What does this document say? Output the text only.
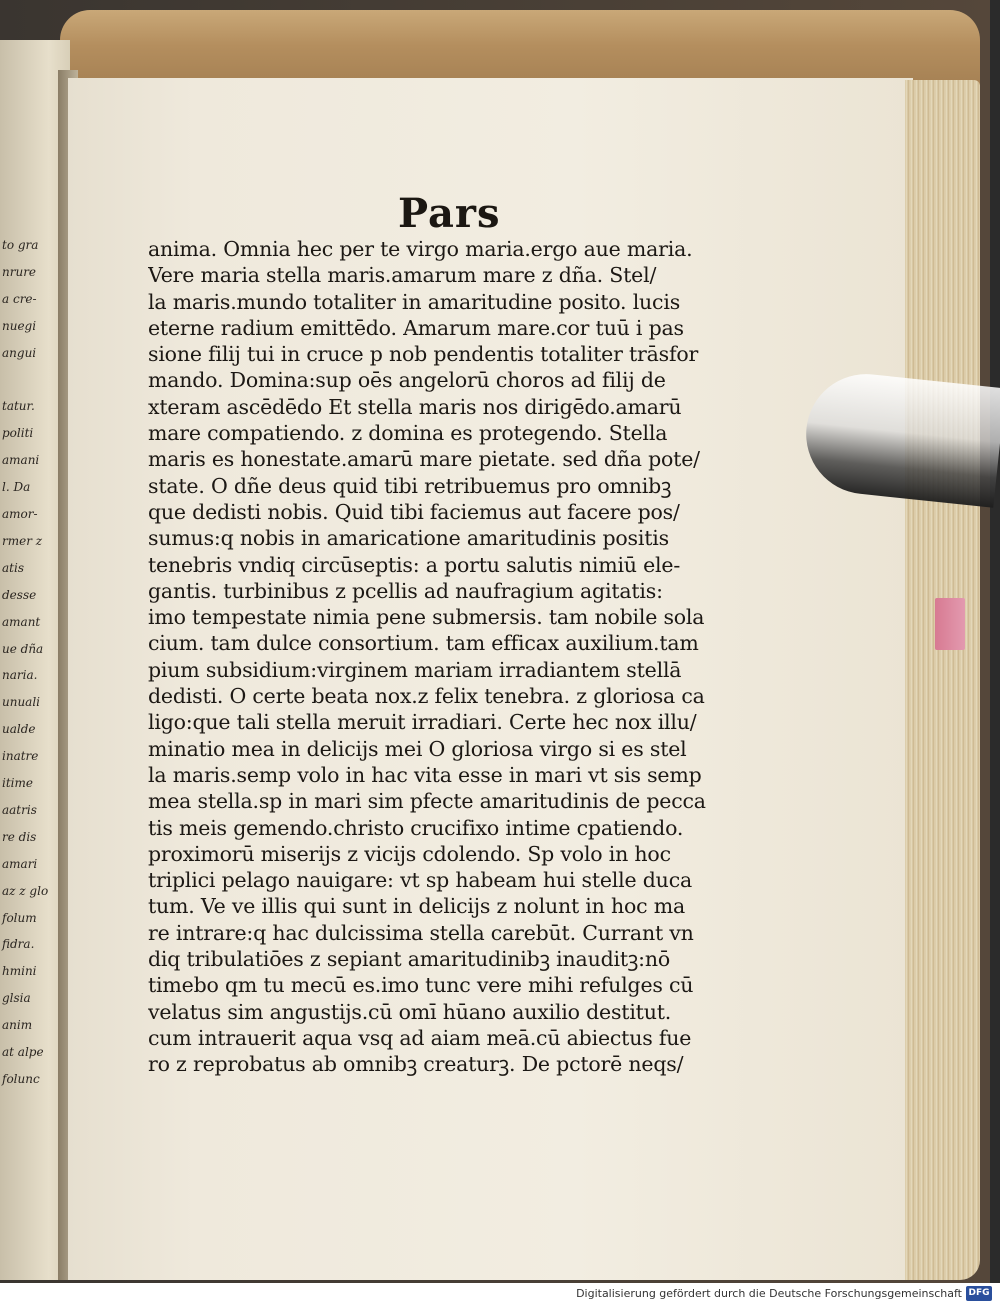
to gra
nrure
a cre-
nuegi
angui
tatur.
politi
amani
l. Da
amor-
rmer z
atis
desse
amant
ue dña
naria.
unuali
ualde
inatre
itime
aatris
re dis
amari
az z glo
folum
fidra.
hmini
glsia
anim
at alpe
folunc
Pars
anima. Omnia hec per te virgo maria.ergo aue maria.
Vere maria stella maris.amarum mare z dña. Stel/
la maris.mundo totaliter in amaritudine posito. lucis
eterne radium emittēdo. Amarum mare.cor tuū i pas
sione filij tui in cruce p nob pendentis totaliter trāsfor
mando. Domina:sup oēs angelorū choros ad filij de
xteram ascēdēdo Et stella maris nos dirigēdo.amarū
mare compatiendo. z domina es protegendo. Stella
maris es honestate.amarū mare pietate. sed dña pote/
state. O dñe deus quid tibi retribuemus pro omnibꝫ
que dedisti nobis. Quid tibi faciemus aut facere pos/
sumus:q nobis in amaricatione amaritudinis positis
tenebris vndiq circūseptis: a portu salutis nimiū ele-
gantis. turbinibus z pcellis ad naufragium agitatis:
imo tempestate nimia pene submersis. tam nobile sola
cium. tam dulce consortium. tam efficax auxilium.tam
pium subsidium:virginem mariam irradiantem stellā
dedisti. O certe beata nox.z felix tenebra. z gloriosa ca
ligo:que tali stella meruit irradiari. Certe hec nox illu/
minatio mea in delicijs mei O gloriosa virgo si es stel
la maris.semp volo in hac vita esse in mari vt sis semp
mea stella.sp in mari sim pfecte amaritudinis de pecca
tis meis gemendo.christo crucifixo intime cpatiendo.
proximorū miserijs z vicijs cdolendo. Sp volo in hoc
triplici pelago nauigare: vt sp habeam hui stelle duca
tum. Ve ve illis qui sunt in delicijs z nolunt in hoc ma
re intrare:q hac dulcissima stella carebūt. Currant vn
diq tribulatiōes z sepiant amaritudinibꝫ inauditꝫ:nō
timebo qm tu mecū es.imo tunc vere mihi refulges cū
velatus sim angustijs.cū omī hūano auxilio destitut.
cum intrauerit aqua vsq ad aiam meā.cū abiectus fue
ro z reprobatus ab omnibꝫ creaturꝫ. De pctorē neqs/
Digitalisierung gefördert durch die Deutsche Forschungsgemeinschaft DFG
